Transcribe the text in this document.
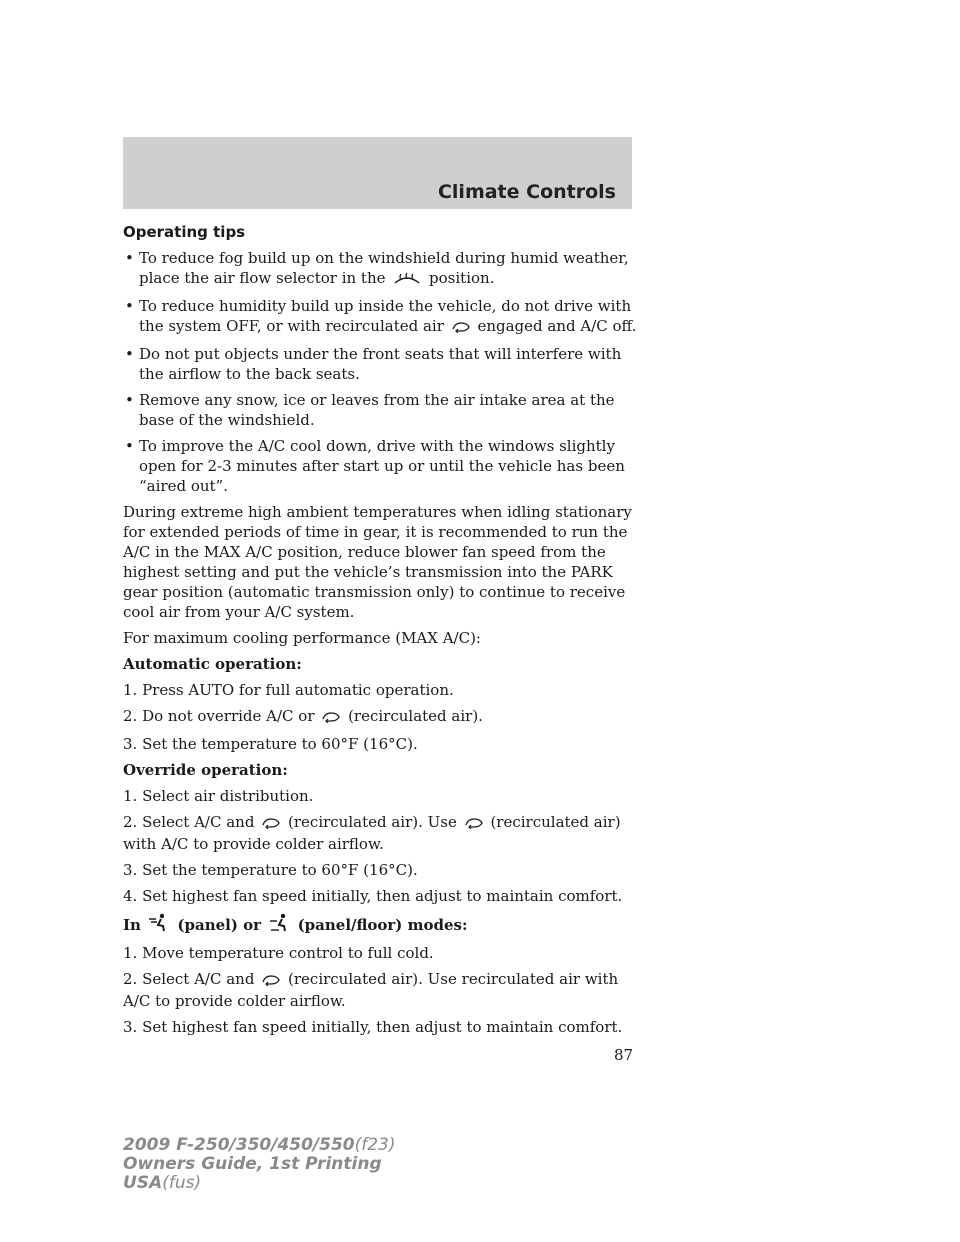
Climate Controls
Operating tips
• To reduce fog build up on the windshield during humid weather, place the air flow selector in the	position.
• To reduce humidity build up inside the vehicle, do not drive with the system OFF, or with recirculated air engaged and A/C off.
• Do not put objects under the front seats that will interfere with the airflow to the back seats.
• Remove any snow, ice or leaves from the air intake area at the base of the windshield.
• To improve the A/C cool down, drive with the windows slightly open for 2-3 minutes after start up or until the vehicle has been “aired out”.

During extreme high ambient temperatures when idling stationary for extended periods of time in gear, it is recommended to run the A/C in the MAX A/C position, reduce blower fan speed from the highest setting and put the vehicle’s transmission into the PARK gear position (automatic transmission only) to continue to receive cool air from your A/C system.

For maximum cooling performance (MAX A/C):

Automatic operation:

1. Press AUTO for full automatic operation.

2. Do not override A/C or (recirculated air).

3. Set the temperature to 60°F (16°C).

Override operation:

1. Select air distribution.

2. Select A/C and (recirculated air). Use (recirculated air) with A/C to provide colder airflow.

3. Set the temperature to 60°F (16°C).

4. Set highest fan speed initially, then adjust to maintain comfort.

In (panel) or (panel/floor) modes:

1. Move temperature control to full cold.

2. Select A/C and (recirculated air). Use recirculated air with A/C to provide colder airflow.

3. Set highest fan speed initially, then adjust to maintain comfort.

87
2009 F-250/350/450/550(f23)
Owners Guide, 1st Printing
USA(fus)
